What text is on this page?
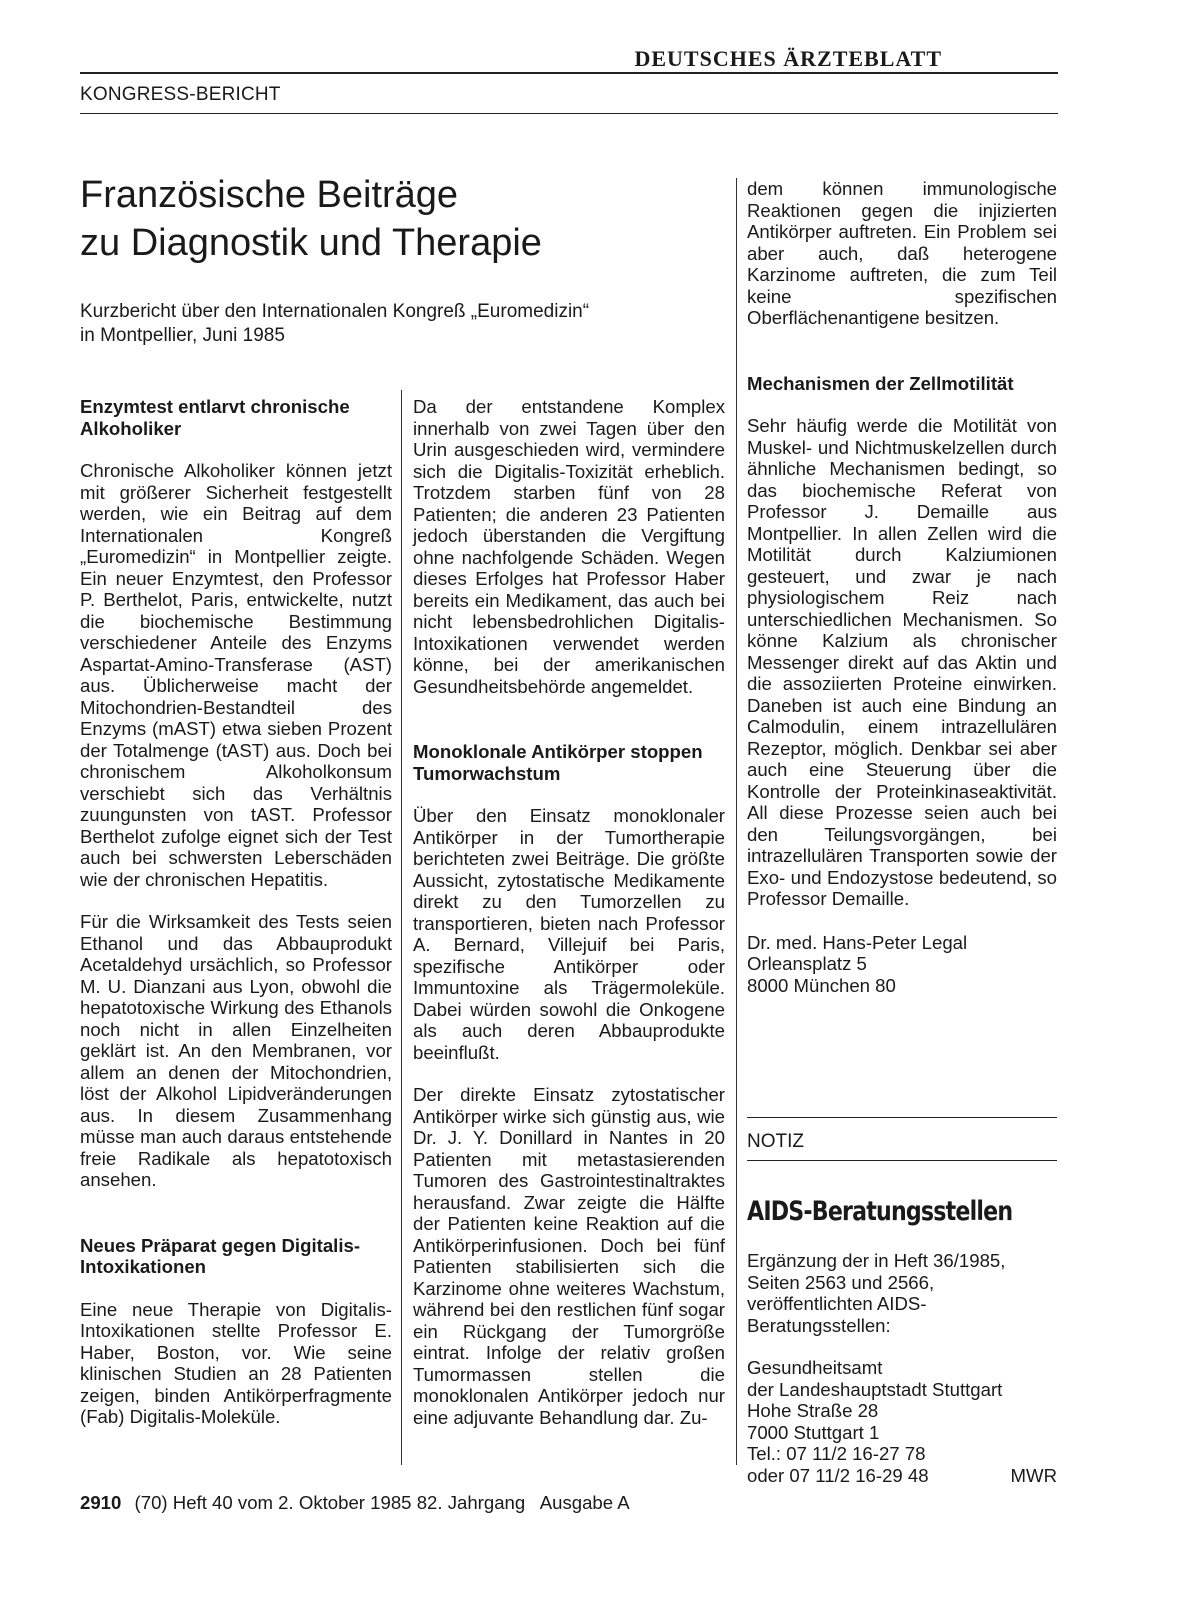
DEUTSCHES ÄRZTEBLATT
KONGRESS-BERICHT
Französische Beiträge
zu Diagnostik und Therapie
Kurzbericht über den Internationalen Kongreß „Euromedizin“
in Montpellier, Juni 1985
Enzymtest entlarvt chronische Alkoholiker

Chronische Alkoholiker können jetzt mit größerer Sicherheit festgestellt werden, wie ein Beitrag auf dem Internationalen Kongreß „Euromedizin“ in Montpellier zeigte. Ein neuer Enzymtest, den Professor P. Berthelot, Paris, entwickelte, nutzt die biochemische Bestimmung verschiedener Anteile des Enzyms Aspartat-Amino-Transferase (AST) aus. Üblicherweise macht der Mitochondrien-Bestandteil des Enzyms (mAST) etwa sieben Prozent der Totalmenge (tAST) aus. Doch bei chronischem Alkoholkonsum verschiebt sich das Verhältnis zuungunsten von tAST. Professor Berthelot zufolge eignet sich der Test auch bei schwersten Leberschäden wie der chronischen Hepatitis.

Für die Wirksamkeit des Tests seien Ethanol und das Abbauprodukt Acetaldehyd ursächlich, so Professor M. U. Dianzani aus Lyon, obwohl die hepatotoxische Wirkung des Ethanols noch nicht in allen Einzelheiten geklärt ist. An den Membranen, vor allem an denen der Mitochondrien, löst der Alkohol Lipidveränderungen aus. In diesem Zusammenhang müsse man auch daraus entstehende freie Radikale als hepatotoxisch ansehen.

Neues Präparat gegen Digitalis-Intoxikationen

Eine neue Therapie von Digitalis-Intoxikationen stellte Professor E. Haber, Boston, vor. Wie seine klinischen Studien an 28 Patienten zeigen, binden Antikörperfragmente (Fab) Digitalis-Moleküle.

Da der entstandene Komplex innerhalb von zwei Tagen über den Urin ausgeschieden wird, vermindere sich die Digitalis-Toxizität erheblich. Trotzdem starben fünf von 28 Patienten; die anderen 23 Patienten jedoch überstanden die Vergiftung ohne nachfolgende Schäden. Wegen dieses Erfolges hat Professor Haber bereits ein Medikament, das auch bei nicht lebensbedrohlichen Digitalis-Intoxikationen verwendet werden könne, bei der amerikanischen Gesundheitsbehörde angemeldet.

Monoklonale Antikörper stoppen Tumorwachstum

Über den Einsatz monoklonaler Antikörper in der Tumortherapie berichteten zwei Beiträge. Die größte Aussicht, zytostatische Medikamente direkt zu den Tumorzellen zu transportieren, bieten nach Professor A. Bernard, Villejuif bei Paris, spezifische Antikörper oder Immuntoxine als Trägermoleküle. Dabei würden sowohl die Onkogene als auch deren Abbauprodukte beeinflußt.

Der direkte Einsatz zytostatischer Antikörper wirke sich günstig aus, wie Dr. J. Y. Donillard in Nantes in 20 Patienten mit metastasierenden Tumoren des Gastrointestinaltraktes herausfand. Zwar zeigte die Hälfte der Patienten keine Reaktion auf die Antikörperinfusionen. Doch bei fünf Patienten stabilisierten sich die Karzinome ohne weiteres Wachstum, während bei den restlichen fünf sogar ein Rückgang der Tumorgröße eintrat. Infolge der relativ großen Tumormassen stellen die monoklonalen Antikörper jedoch nur eine adjuvante Behandlung dar. Zu-

dem können immunologische Reaktionen gegen die injizierten Antikörper auftreten. Ein Problem sei aber auch, daß heterogene Karzinome auftreten, die zum Teil keine spezifischen Oberflächenantigene besitzen.

Mechanismen der Zellmotilität

Sehr häufig werde die Motilität von Muskel- und Nichtmuskelzellen durch ähnliche Mechanismen bedingt, so das biochemische Referat von Professor J. Demaille aus Montpellier. In allen Zellen wird die Motilität durch Kalziumionen gesteuert, und zwar je nach physiologischem Reiz nach unterschiedlichen Mechanismen. So könne Kalzium als chronischer Messenger direkt auf das Aktin und die assoziierten Proteine einwirken. Daneben ist auch eine Bindung an Calmodulin, einem intrazellulären Rezeptor, möglich. Denkbar sei aber auch eine Steuerung über die Kontrolle der Proteinkinaseaktivität. All diese Prozesse seien auch bei den Teilungsvorgängen, bei intrazellulären Transporten sowie der Exo- und Endozystose bedeutend, so Professor Demaille.

Dr. med. Hans-Peter Legal

Orleansplatz 5

8000 München 80

NOTIZ
AIDS-Beratungsstellen

Ergänzung der in Heft 36/1985, Seiten 2563 und 2566, veröffentlichten AIDS-Beratungsstellen:

Gesundheitsamt

der Landeshauptstadt Stuttgart

Hohe Straße 28

7000 Stuttgart 1

Tel.: 07 11/2 16-27 78

oder 07 11/2 16-29 48	MWR
2910 (70) Heft 40 vom 2. Oktober 1985 82. Jahrgang   Ausgabe A
